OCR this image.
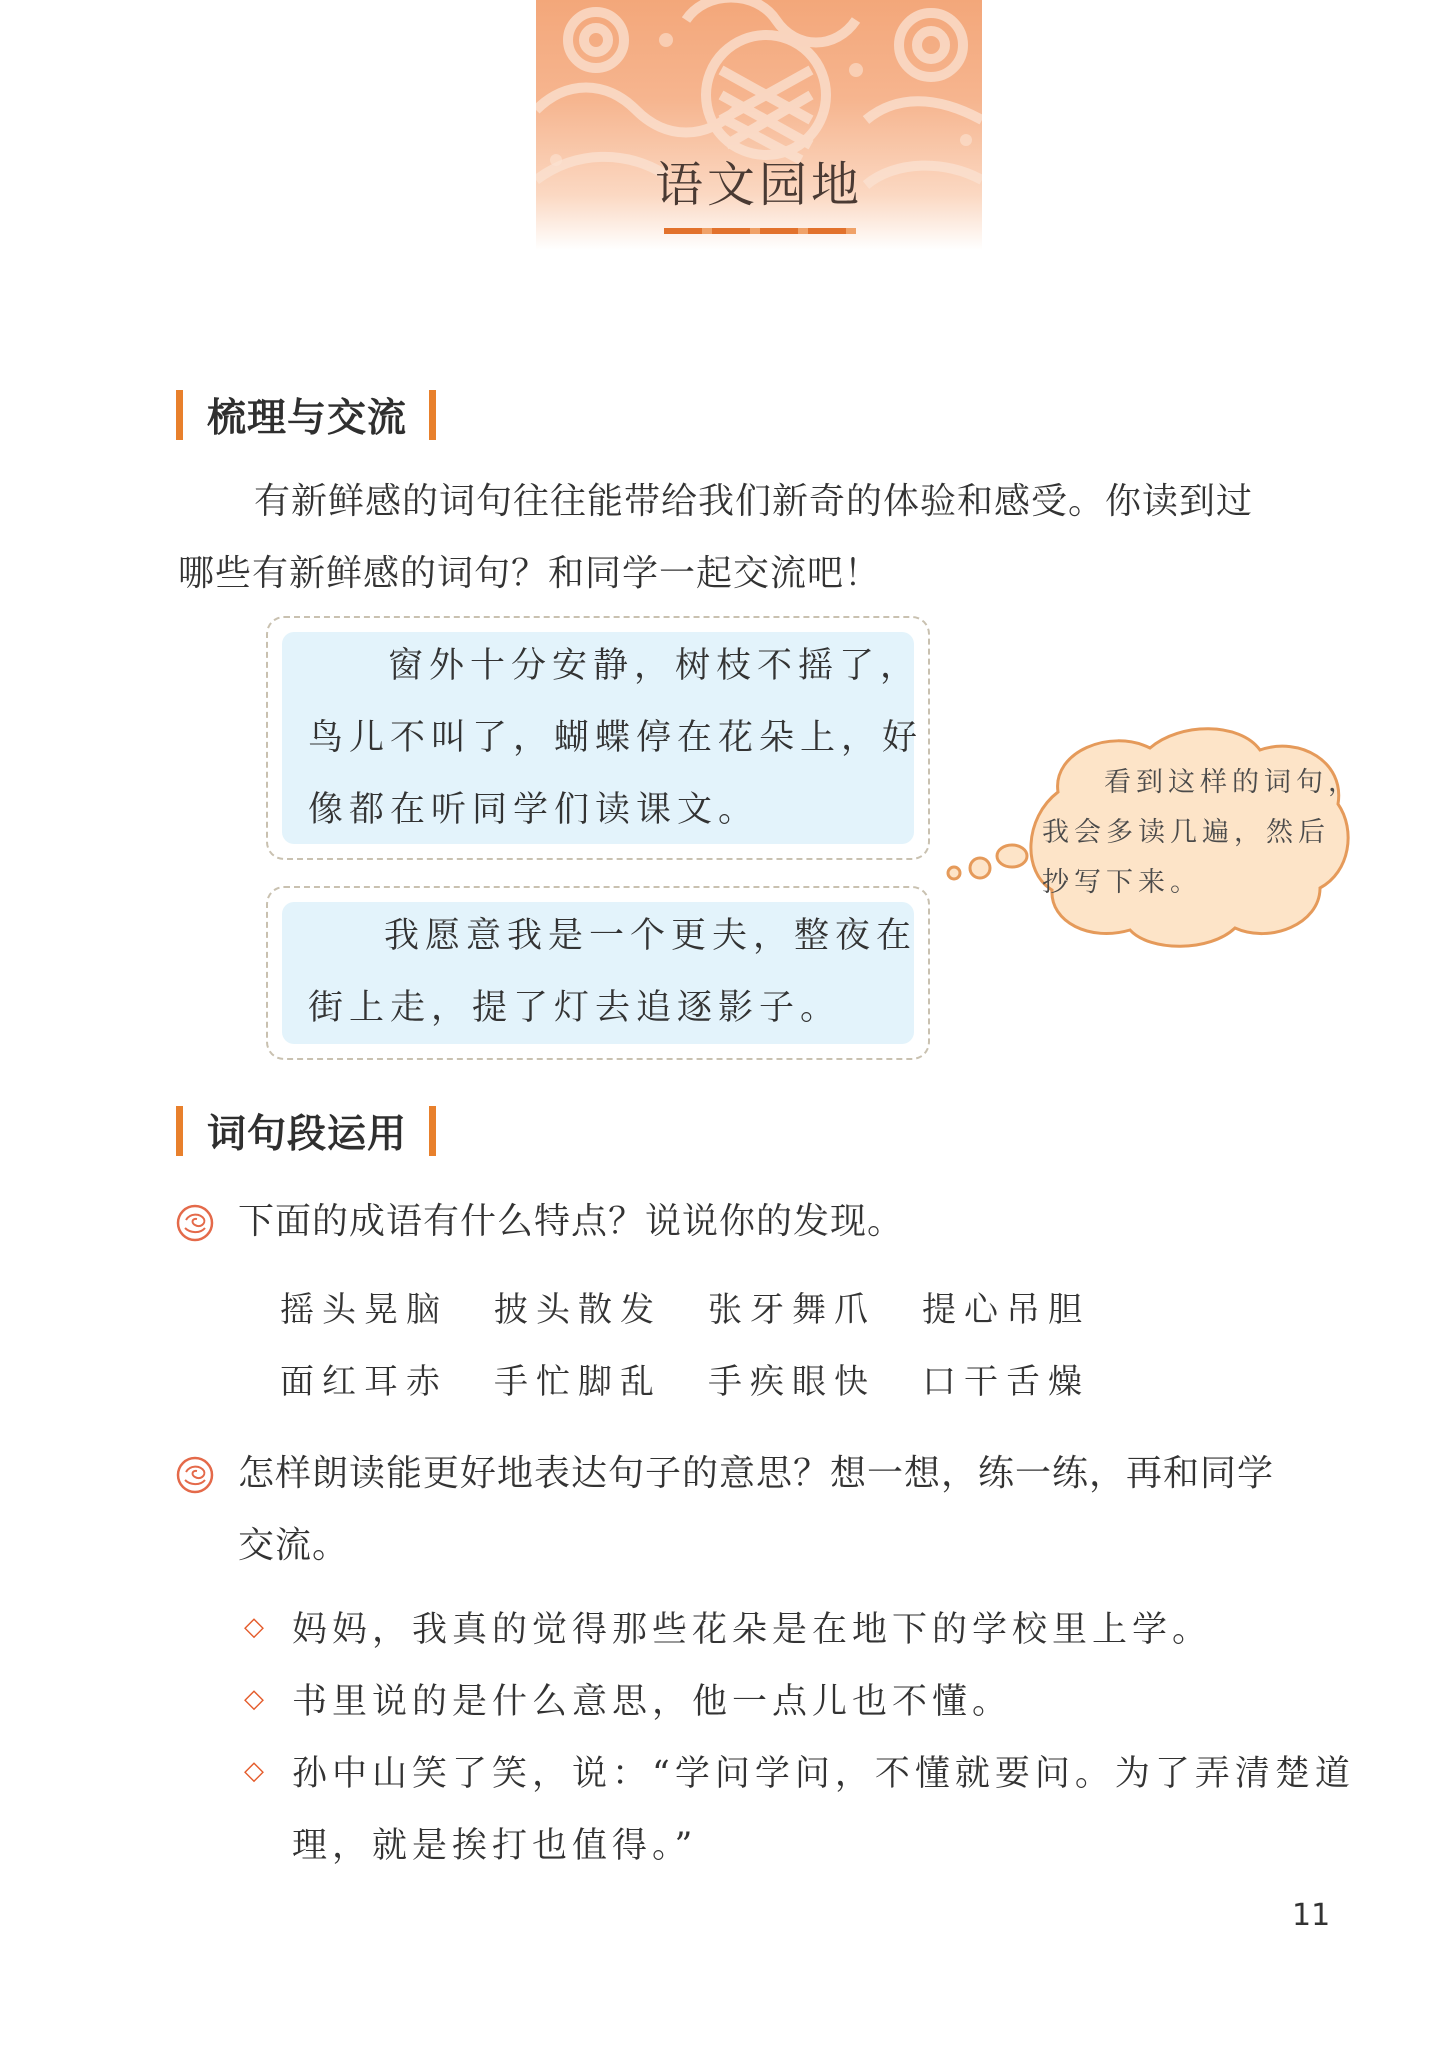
语文园地
梳理与交流
有新鲜感的词句往往能带给我们新奇的体验和感受。你读到过
哪些有新鲜感的词句？和同学一起交流吧！
窗外十分安静，树枝不摇了，
鸟儿不叫了，蝴蝶停在花朵上，好
像都在听同学们读课文。
我愿意我是一个更夫，整夜在
街上走，提了灯去追逐影子。
看到这样的词句，
我会多读几遍，然后
抄写下来。
词句段运用
下面的成语有什么特点？说说你的发现。
摇头晃脑 披头散发 张牙舞爪 提心吊胆
面红耳赤 手忙脚乱 手疾眼快 口干舌燥
怎样朗读能更好地表达句子的意思？想一想，练一练，再和同学
交流。
◇ 妈妈，我真的觉得那些花朵是在地下的学校里上学。
◇ 书里说的是什么意思，他一点儿也不懂。
◇ 孙中山笑了笑，说：“学问学问，不懂就要问。为了弄清楚道
理，就是挨打也值得。”
11
